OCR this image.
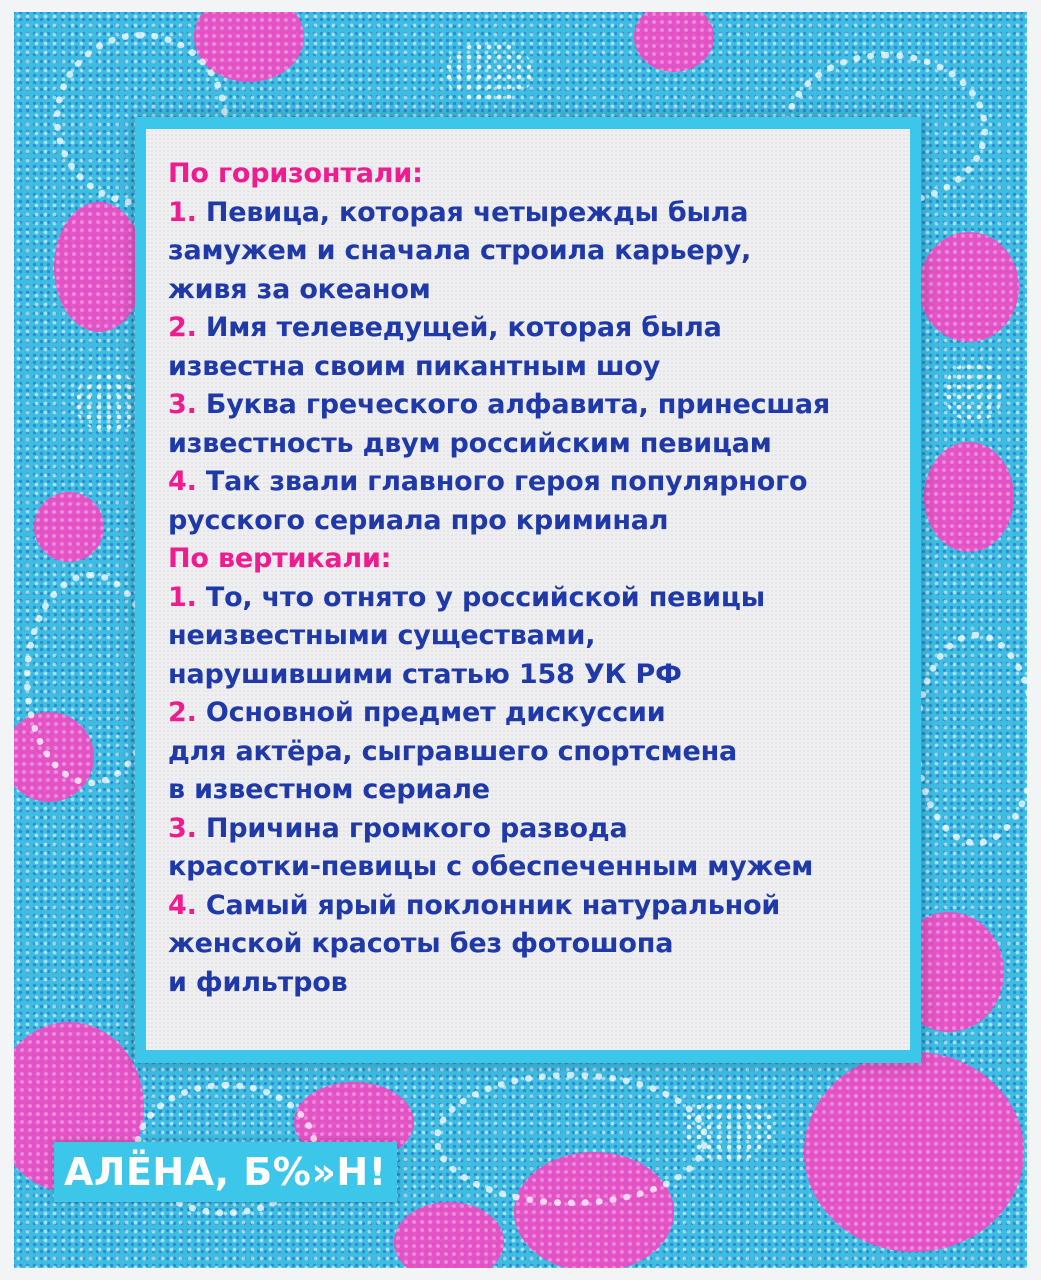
По горизонтали:
1. Певица, которая четырежды была
замужем и сначала строила карьеру,
живя за океаном
2. Имя телеведущей, которая была
известна своим пикантным шоу
3. Буква греческого алфавита, принесшая
известность двум российским певицам
4. Так звали главного героя популярного
русского сериала про криминал
По вертикали:
1. То, что отнято у российской певицы
неизвестными существами,
нарушившими статью 158 УК РФ
2. Основной предмет дискуссии
для актёра, сыгравшего спортсмена
в известном сериале
3. Причина громкого развода
красотки-певицы с обеспеченным мужем
4. Самый ярый поклонник натуральной
женской красоты без фотошопа
и фильтров
АЛЁНА, Б%»Н!
